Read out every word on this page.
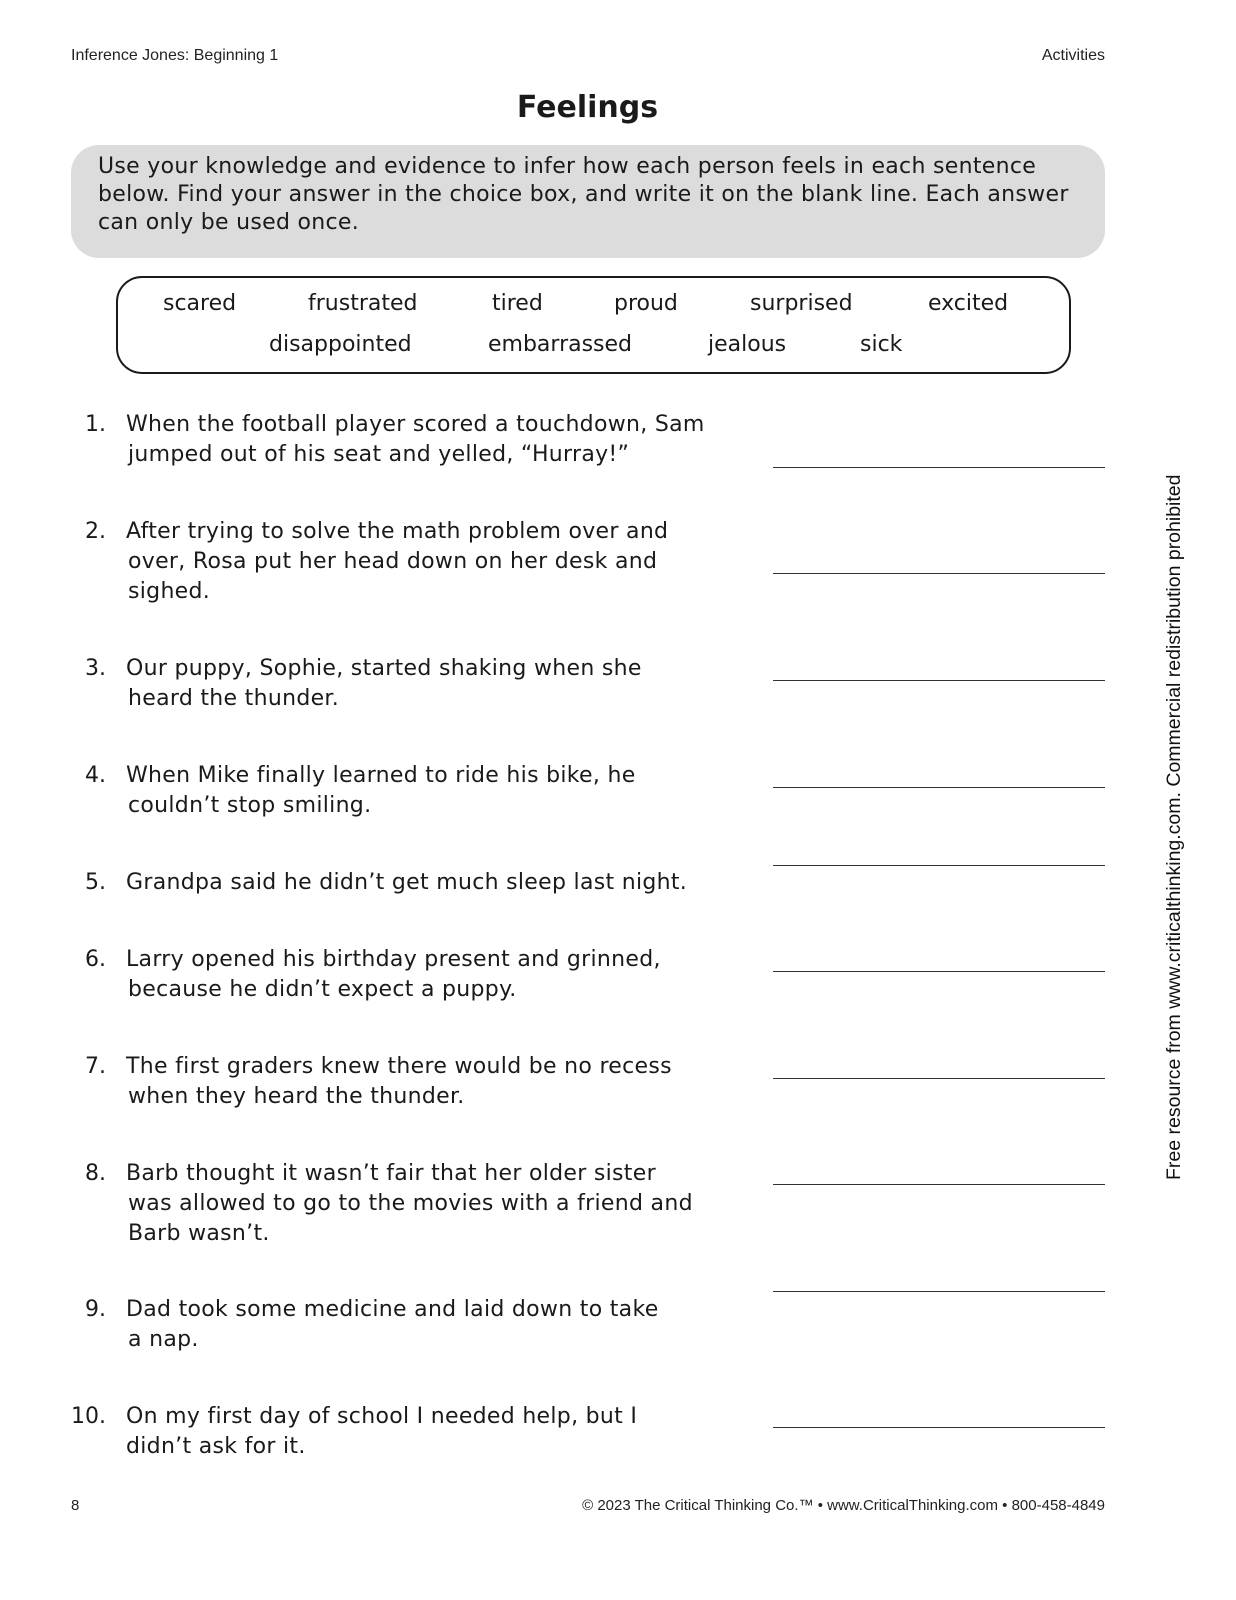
Inference Jones: Beginning 1	Activities
Feelings
Use your knowledge and evidence to infer how each person feels in each sentence below. Find your answer in the choice box, and write it on the blank line. Each answer can only be used once.
scared	frustrated	tired	proud	surprised	excited
disappointed	embarrassed	jealous	sick
1. When the football player scored a touchdown, Sam
jumped out of his seat and yelled, “Hurray!”
2. After trying to solve the math problem over and
over, Rosa put her head down on her desk and
sighed.
3. Our puppy, Sophie, started shaking when she
heard the thunder.
4. When Mike finally learned to ride his bike, he
couldn’t stop smiling.
5. Grandpa said he didn’t get much sleep last night.
6. Larry opened his birthday present and grinned,
because he didn’t expect a puppy.
7. The first graders knew there would be no recess
when they heard the thunder.
8. Barb thought it wasn’t fair that her older sister
was allowed to go to the movies with a friend and
Barb wasn’t.
9. Dad took some medicine and laid down to take
a nap.
10. On my first day of school I needed help, but I
didn’t ask for it.
Free resource from www.criticalthinking.com. Commercial redistribution prohibited
8	© 2023 The Critical Thinking Co.™ • www.CriticalThinking.com • 800-458-4849
